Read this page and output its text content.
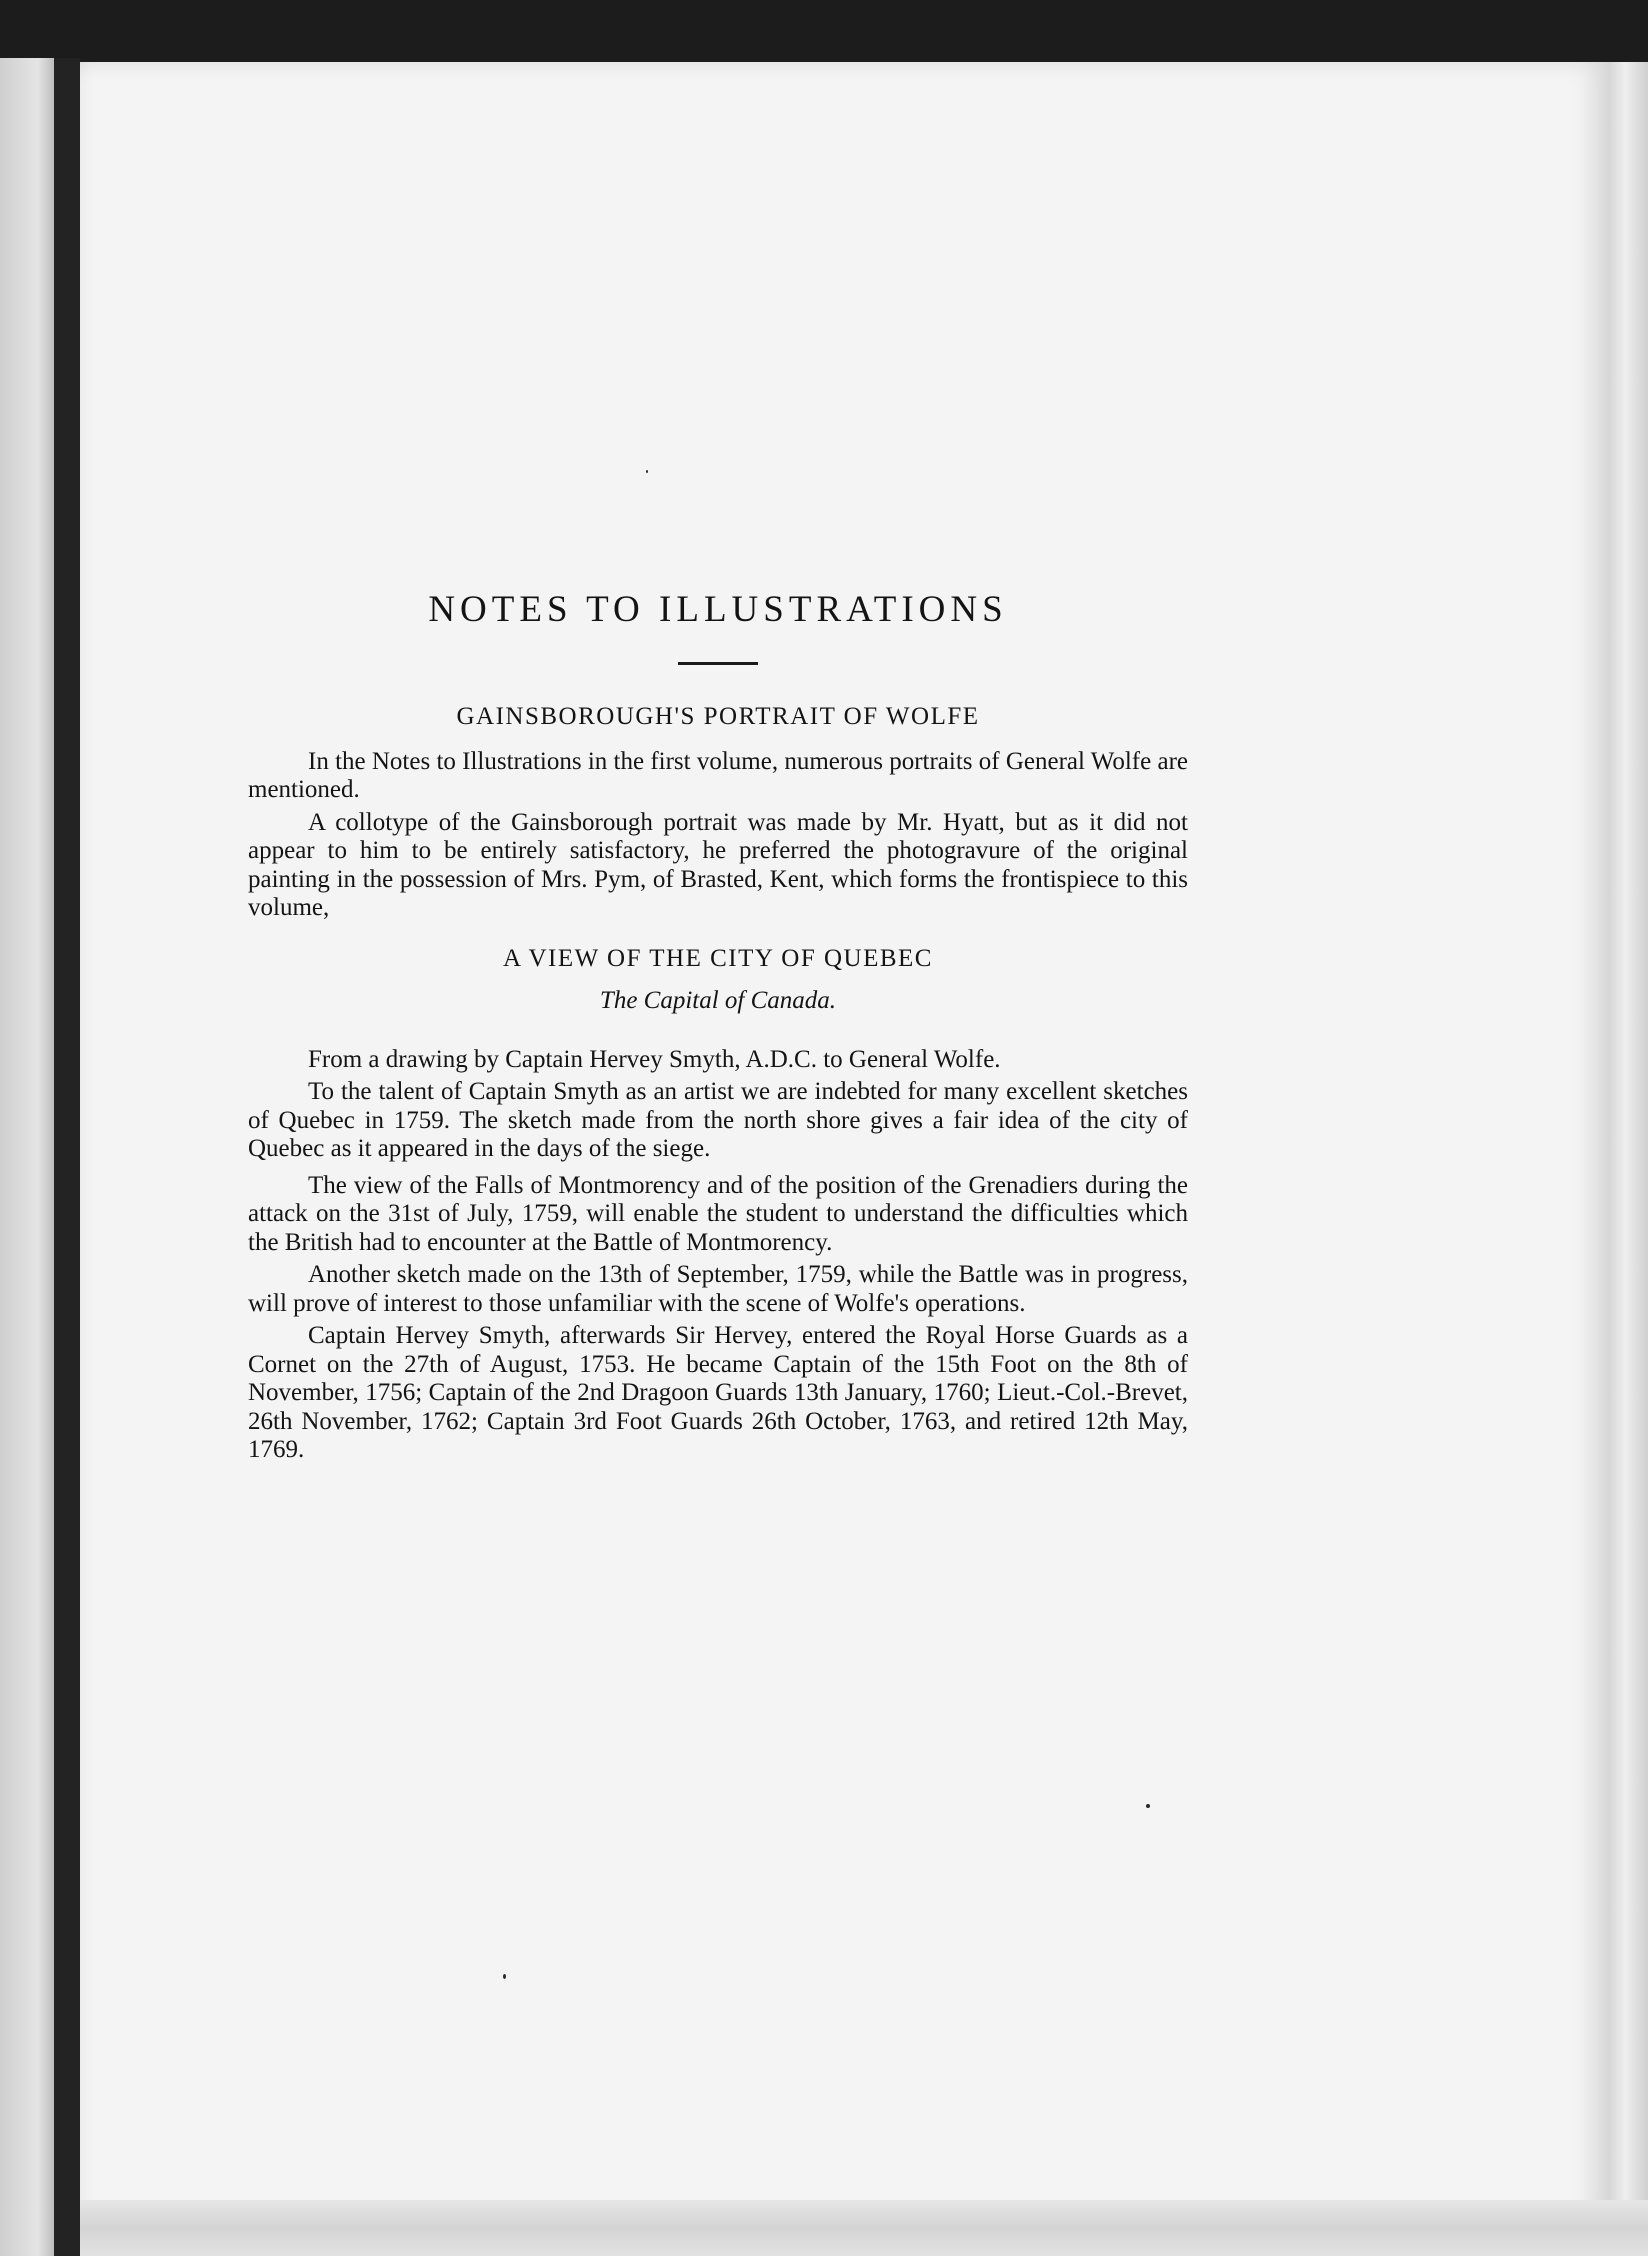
NOTES TO ILLUSTRATIONS
GAINSBOROUGH'S PORTRAIT OF WOLFE

In the Notes to Illustrations in the first volume, numerous portraits of General Wolfe are mentioned.

A collotype of the Gainsborough portrait was made by Mr. Hyatt, but as it did not appear to him to be entirely satisfactory, he preferred the photogravure of the original painting in the possession of Mrs. Pym, of Brasted, Kent, which forms the frontispiece to this volume,

A VIEW OF THE CITY OF QUEBEC
The Capital of Canada.

From a drawing by Captain Hervey Smyth, A.D.C. to General Wolfe.

To the talent of Captain Smyth as an artist we are indebted for many excellent sketches of Quebec in 1759. The sketch made from the north shore gives a fair idea of the city of Quebec as it appeared in the days of the siege.

The view of the Falls of Montmorency and of the position of the Grenadiers during the attack on the 31st of July, 1759, will enable the student to understand the difficulties which the British had to encounter at the Battle of Montmorency.

Another sketch made on the 13th of September, 1759, while the Battle was in progress, will prove of interest to those unfamiliar with the scene of Wolfe's operations.

Captain Hervey Smyth, afterwards Sir Hervey, entered the Royal Horse Guards as a Cornet on the 27th of August, 1753. He became Captain of the 15th Foot on the 8th of November, 1756; Captain of the 2nd Dragoon Guards 13th January, 1760; Lieut.-Col.-Brevet, 26th November, 1762; Captain 3rd Foot Guards 26th October, 1763, and retired 12th May, 1769.
